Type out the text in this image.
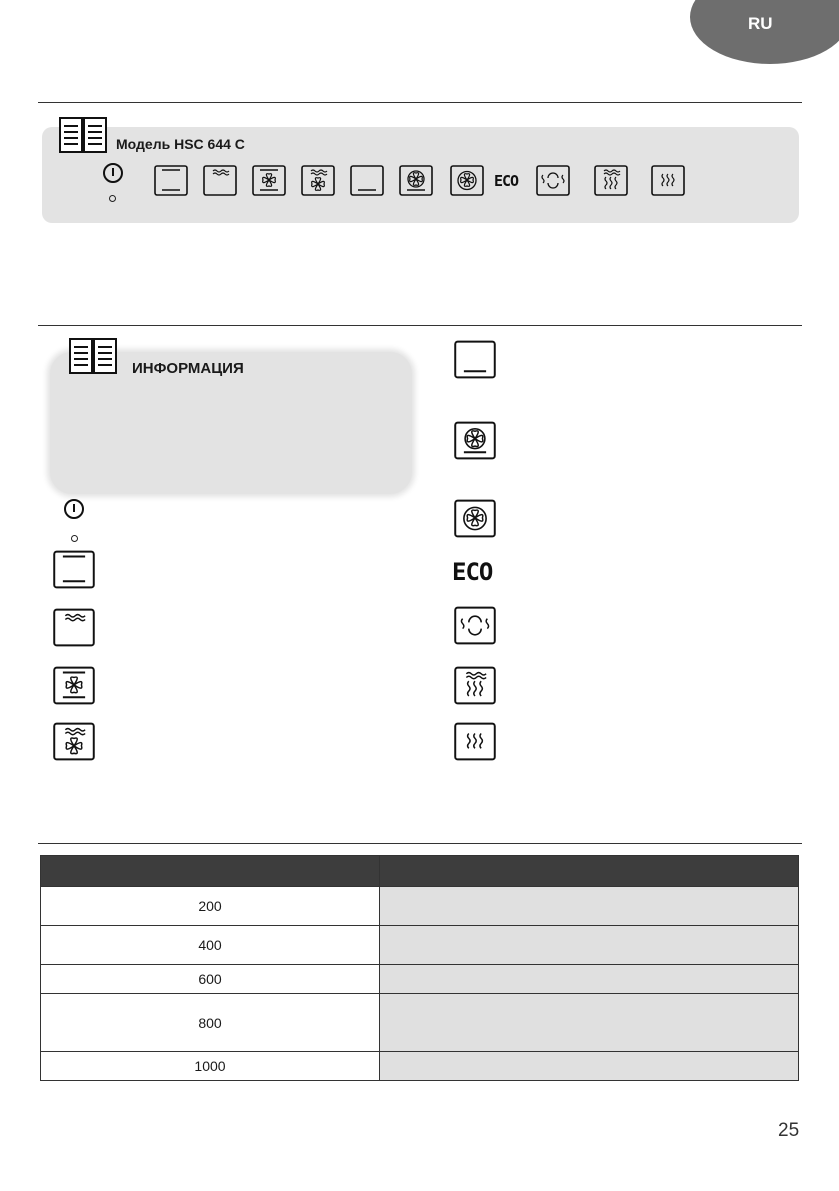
RU
Модель HSC 644 C
ECO
ИНФОРМАЦИЯ
ECO

200	
400	
600	
800	
1000	
25
